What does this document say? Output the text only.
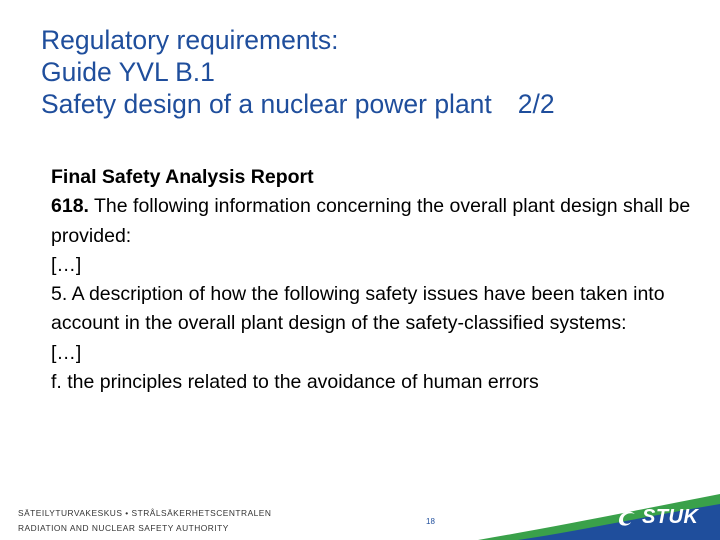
Regulatory requirements:
Guide YVL B.1
Safety design of a nuclear power plant 2/2

Final Safety Analysis Report

618. The following information concerning the overall plant design shall be provided:

[…]

5. A description of how the following safety issues have been taken into account in the overall plant design of the safety-classified systems:

[…]

f. the principles related to the avoidance of human errors

SÄTEILYTURVAKESKUS • STRÅLSÄKERHETSCENTRALEN
RADIATION AND NUCLEAR SAFETY AUTHORITY
18	STUK
